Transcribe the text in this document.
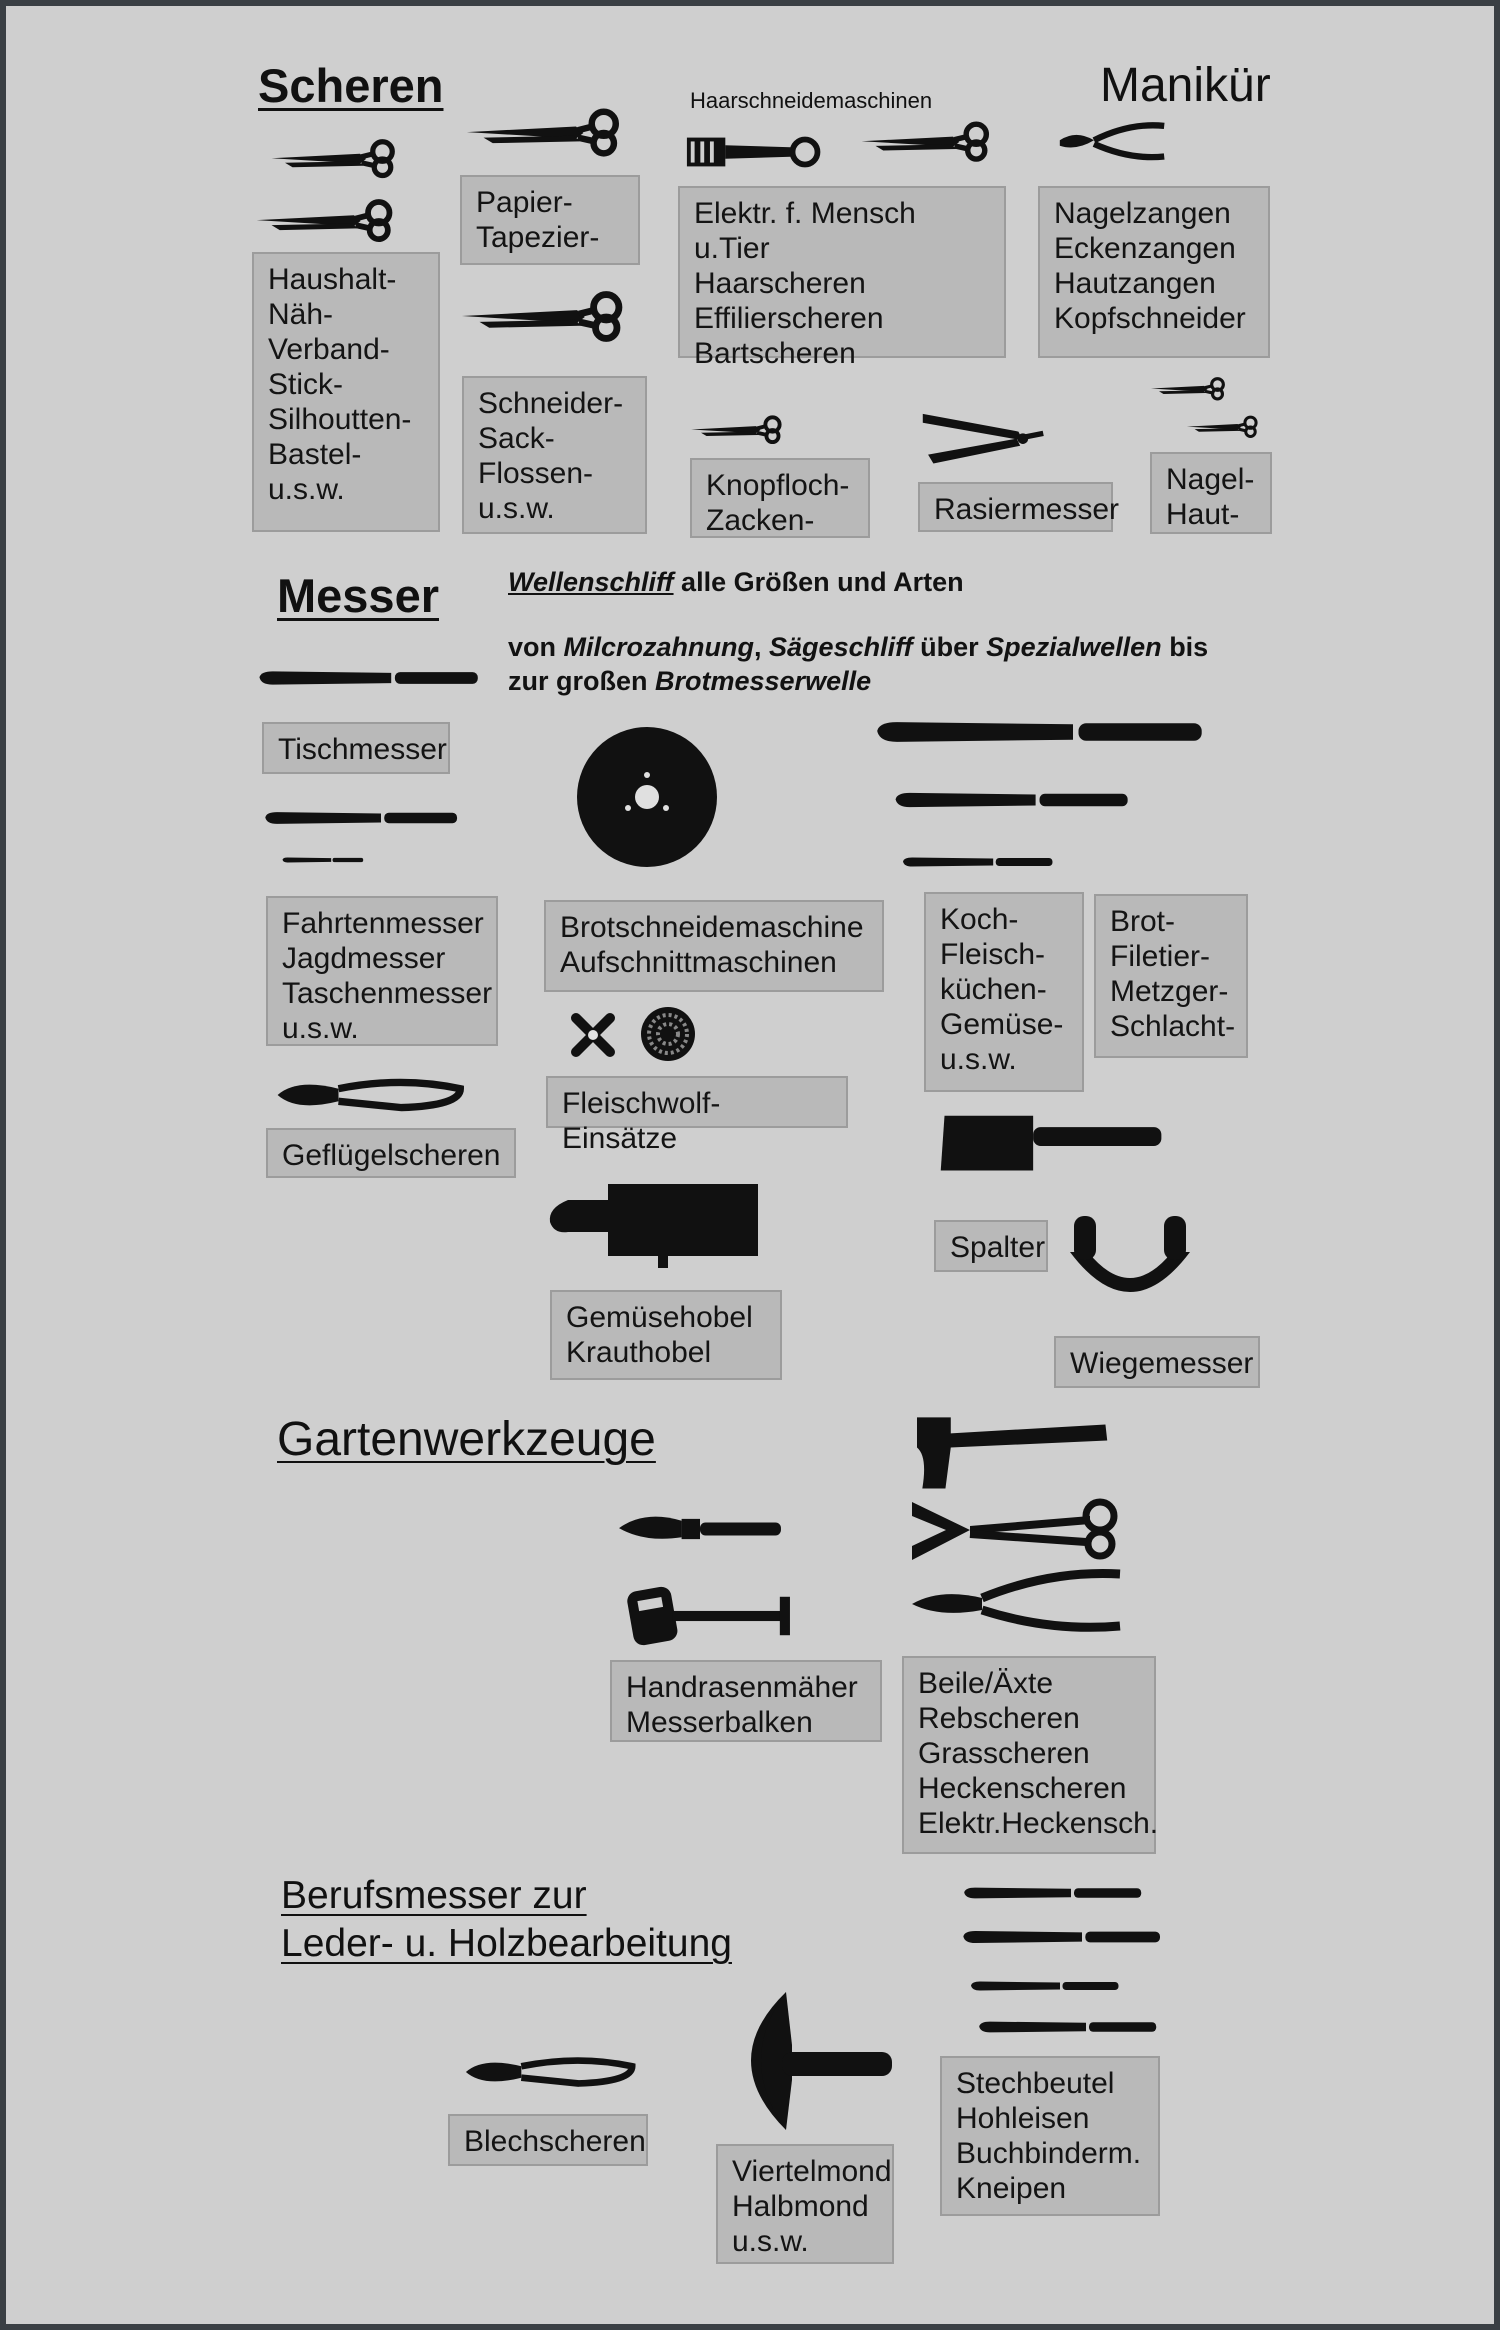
Scheren	Haarschneidemaschinen	Manikür
Haushalt-
Näh-
Verband-
Stick-
Silhoutten-
Bastel-
u.s.w.
Papier-
Tapezier-
Elektr. f. Mensch u.Tier
Haarscheren
Effilierscheren
Bartscheren
Nagelzangen
Eckenzangen
Hautzangen
Kopfschneider
Schneider-
Sack-
Flossen-
u.s.w.
Knopfloch-
Zacken-	Rasiermesser
Nagel-
Haut-
Messer	Wellenschliff alle Größen und Arten
von Milcrozahnung, Sägeschliff über Spezialwellen bis
zur großen Brotmesserwelle
Tischmesser
Fahrtenmesser
Jagdmesser
Taschenmesser
u.s.w.
Geflügelscheren
Brotschneidemaschine
Aufschnittmaschinen
Fleischwolf-Einsätze
Gemüsehobel
Krauthobel
Koch-
Fleisch-
küchen-
Gemüse-
u.s.w.
Brot-
Filetier-
Metzger-
Schlacht-
Spalter
Wiegemesser
Gartenwerkzeuge
Handrasenmäher
Messerbalken
Beile/Äxte
Rebscheren
Grasscheren
Heckenscheren
Elektr.Heckensch.
Berufsmesser zur
Leder- u. Holzbearbeitung
Stechbeutel
Hohleisen
Buchbinderm.
Kneipen
Blechscheren
Viertelmond
Halbmond
u.s.w.
